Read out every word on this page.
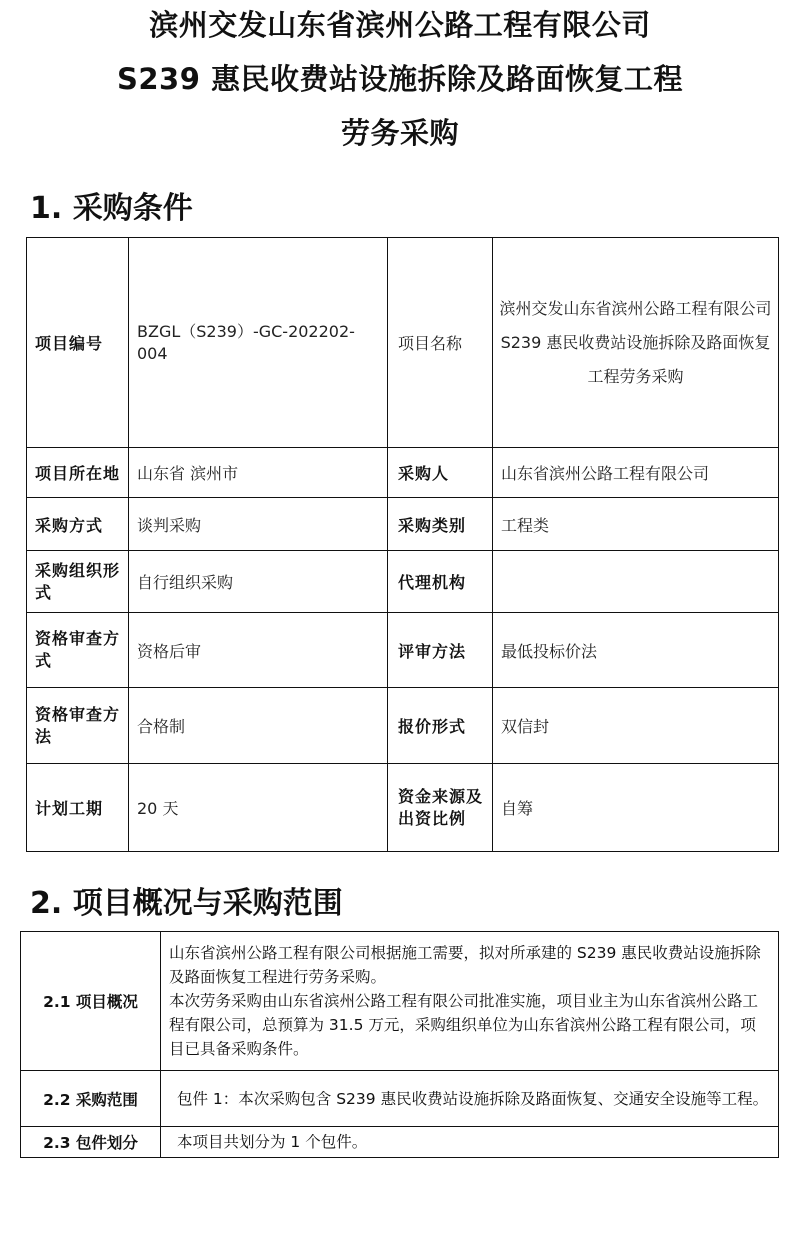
滨州交发山东省滨州公路工程有限公司
S239 惠民收费站设施拆除及路面恢复工程
劳务采购
1. 采购条件
项目编号	BZGL（S239）-GC-202202-004	项目名称	滨州交发山东省滨州公路工程有限公司 S239 惠民收费站设施拆除及路面恢复工程劳务采购
项目所在地	山东省 滨州市	采购人	山东省滨州公路工程有限公司
采购方式	谈判采购	采购类别	工程类
采购组织形式	自行组织采购	代理机构	
资格审查方式	资格后审	评审方法	最低投标价法
资格审查方法	合格制	报价形式	双信封
计划工期	20 天	资金来源及出资比例	自筹
2. 项目概况与采购范围
2.1 项目概况	山东省滨州公路工程有限公司根据施工需要，拟对所承建的 S239 惠民收费站设施拆除及路面恢复工程进行劳务采购。

本次劳务采购由山东省滨州公路工程有限公司批准实施，项目业主为山东省滨州公路工程有限公司，总预算为 31.5 万元，采购组织单位为山东省滨州公路工程有限公司，项目已具备采购条件。

2.2 采购范围	包件 1：本次采购包含 S239 惠民收费站设施拆除及路面恢复、交通安全设施等工程。

2.3 包件划分	本项目共划分为 1 个包件。
